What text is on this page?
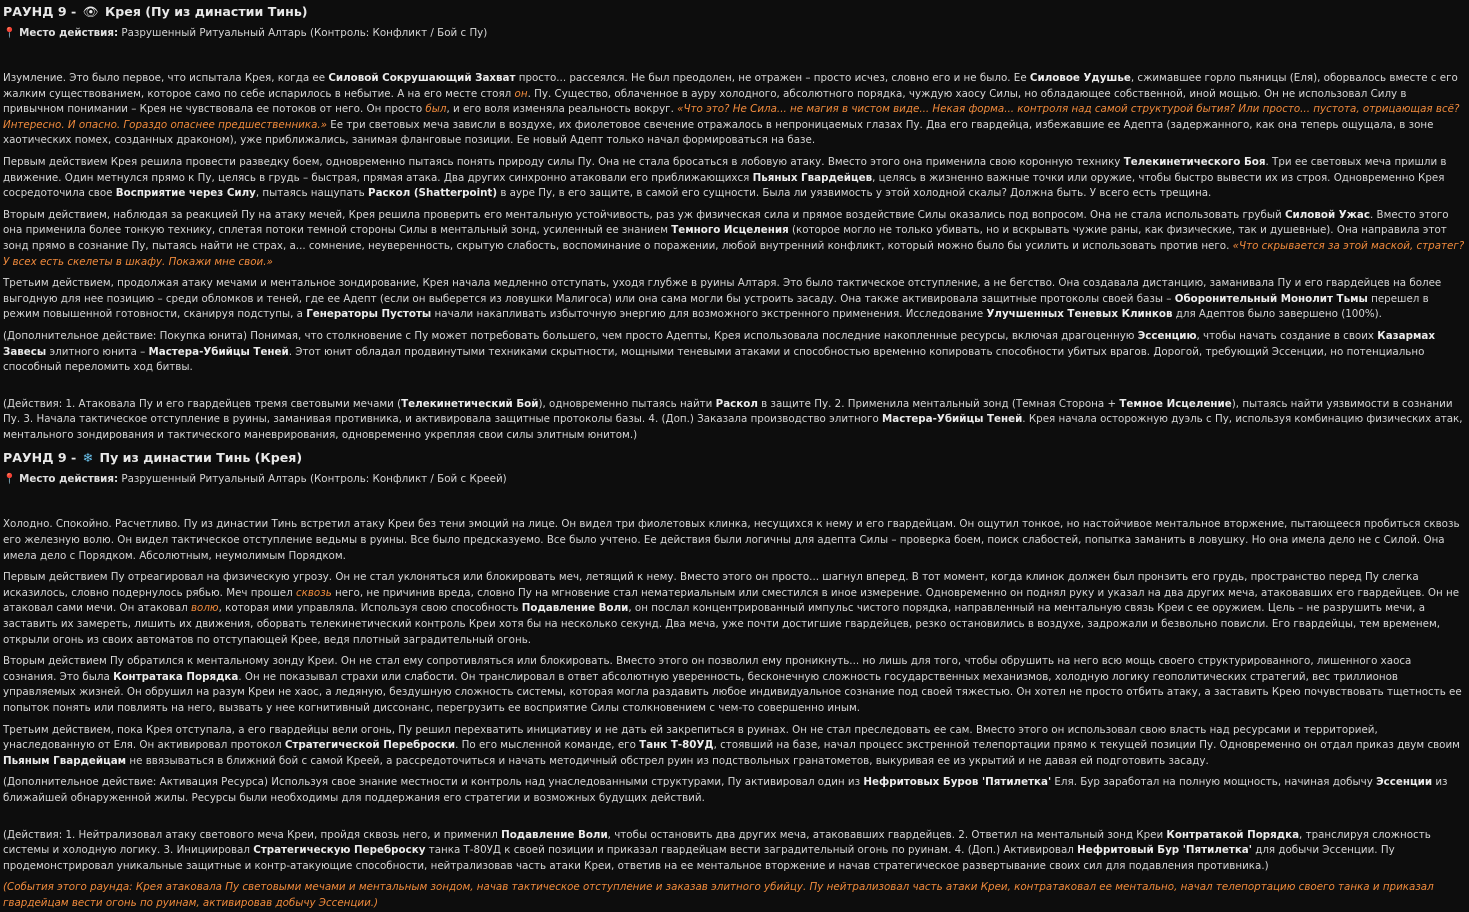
РАУНД 9 - 👁 Крея (Пу из династии Тинь)
📍 Место действия: Разрушенный Ритуальный Алтарь (Контроль: Конфликт / Бой с Пу)

Изумление. Это было первое, что испытала Крея, когда ее Силовой Сокрушающий Захват просто... рассеялся. Не был преодолен, не отражен – просто исчез, словно его и не было. Ее Силовое Удушье, сжимавшее горло пьяницы (Еля), оборвалось вместе с его жалким существованием, которое само по себе испарилось в небытие. А на его месте стоял он. Пу. Существо, облаченное в ауру холодного, абсолютного порядка, чуждую хаосу Силы, но обладающее собственной, иной мощью. Он не использовал Силу в привычном понимании – Крея не чувствовала ее потоков от него. Он просто был, и его воля изменяла реальность вокруг. «Что это? Не Сила... не магия в чистом виде... Некая форма... контроля над самой структурой бытия? Или просто... пустота, отрицающая всё? Интересно. И опасно. Гораздо опаснее предшественника.» Ее три световых меча зависли в воздухе, их фиолетовое свечение отражалось в непроницаемых глазах Пу. Два его гвардейца, избежавшие ее Адепта (задержанного, как она теперь ощущала, в зоне хаотических помех, созданных драконом), уже приближались, занимая фланговые позиции. Ее новый Адепт только начал формироваться на базе.

Первым действием Крея решила провести разведку боем, одновременно пытаясь понять природу силы Пу. Она не стала бросаться в лобовую атаку. Вместо этого она применила свою коронную технику Телекинетического Боя. Три ее световых меча пришли в движение. Один метнулся прямо к Пу, целясь в грудь – быстрая, прямая атака. Два других синхронно атаковали его приближающихся Пьяных Гвардейцев, целясь в жизненно важные точки или оружие, чтобы быстро вывести их из строя. Одновременно Крея сосредоточила свое Восприятие через Силу, пытаясь нащупать Раскол (Shatterpoint) в ауре Пу, в его защите, в самой его сущности. Была ли уязвимость у этой холодной скалы? Должна быть. У всего есть трещина.

Вторым действием, наблюдая за реакцией Пу на атаку мечей, Крея решила проверить его ментальную устойчивость, раз уж физическая сила и прямое воздействие Силы оказались под вопросом. Она не стала использовать грубый Силовой Ужас. Вместо этого она применила более тонкую технику, сплетая потоки темной стороны Силы в ментальный зонд, усиленный ее знанием Темного Исцеления (которое могло не только убивать, но и вскрывать чужие раны, как физические, так и душевные). Она направила этот зонд прямо в сознание Пу, пытаясь найти не страх, а... сомнение, неуверенность, скрытую слабость, воспоминание о поражении, любой внутренний конфликт, который можно было бы усилить и использовать против него. «Что скрывается за этой маской, стратег? У всех есть скелеты в шкафу. Покажи мне свои.»

Третьим действием, продолжая атаку мечами и ментальное зондирование, Крея начала медленно отступать, уходя глубже в руины Алтаря. Это было тактическое отступление, а не бегство. Она создавала дистанцию, заманивала Пу и его гвардейцев на более выгодную для нее позицию – среди обломков и теней, где ее Адепт (если он выберется из ловушки Малигоса) или она сама могли бы устроить засаду. Она также активировала защитные протоколы своей базы – Оборонительный Монолит Тьмы перешел в режим повышенной готовности, сканируя подступы, а Генераторы Пустоты начали накапливать избыточную энергию для возможного экстренного применения. Исследование Улучшенных Теневых Клинков для Адептов было завершено (100%).

(Дополнительное действие: Покупка юнита) Понимая, что столкновение с Пу может потребовать большего, чем просто Адепты, Крея использовала последние накопленные ресурсы, включая драгоценную Эссенцию, чтобы начать создание в своих Казармах Завесы элитного юнита – Мастера-Убийцы Теней. Этот юнит обладал продвинутыми техниками скрытности, мощными теневыми атаками и способностью временно копировать способности убитых врагов. Дорогой, требующий Эссенции, но потенциально способный переломить ход битвы.

(Действия: 1. Атаковала Пу и его гвардейцев тремя световыми мечами (Телекинетический Бой), одновременно пытаясь найти Раскол в защите Пу. 2. Применила ментальный зонд (Темная Сторона + Темное Исцеление), пытаясь найти уязвимости в сознании Пу. 3. Начала тактическое отступление в руины, заманивая противника, и активировала защитные протоколы базы. 4. (Доп.) Заказала производство элитного Мастера-Убийцы Теней. Крея начала осторожную дуэль с Пу, используя комбинацию физических атак, ментального зондирования и тактического маневрирования, одновременно укрепляя свои силы элитным юнитом.)

РАУНД 9 - ❄ Пу из династии Тинь (Крея)
📍 Место действия: Разрушенный Ритуальный Алтарь (Контроль: Конфликт / Бой с Креей)

Холодно. Спокойно. Расчетливо. Пу из династии Тинь встретил атаку Креи без тени эмоций на лице. Он видел три фиолетовых клинка, несущихся к нему и его гвардейцам. Он ощутил тонкое, но настойчивое ментальное вторжение, пытающееся пробиться сквозь его железную волю. Он видел тактическое отступление ведьмы в руины. Все было предсказуемо. Все было учтено. Ее действия были логичны для адепта Силы – проверка боем, поиск слабостей, попытка заманить в ловушку. Но она имела дело не с Силой. Она имела дело с Порядком. Абсолютным, неумолимым Порядком.

Первым действием Пу отреагировал на физическую угрозу. Он не стал уклоняться или блокировать меч, летящий к нему. Вместо этого он просто... шагнул вперед. В тот момент, когда клинок должен был пронзить его грудь, пространство перед Пу слегка исказилось, словно подернулось рябью. Меч прошел сквозь него, не причинив вреда, словно Пу на мгновение стал нематериальным или сместился в иное измерение. Одновременно он поднял руку и указал на два других меча, атаковавших его гвардейцев. Он не атаковал сами мечи. Он атаковал волю, которая ими управляла. Используя свою способность Подавление Воли, он послал концентрированный импульс чистого порядка, направленный на ментальную связь Креи с ее оружием. Цель – не разрушить мечи, а заставить их замереть, лишить их движения, оборвать телекинетический контроль Креи хотя бы на несколько секунд. Два меча, уже почти достигшие гвардейцев, резко остановились в воздухе, задрожали и безвольно повисли. Его гвардейцы, тем временем, открыли огонь из своих автоматов по отступающей Крее, ведя плотный заградительный огонь.

Вторым действием Пу обратился к ментальному зонду Креи. Он не стал ему сопротивляться или блокировать. Вместо этого он позволил ему проникнуть... но лишь для того, чтобы обрушить на него всю мощь своего структурированного, лишенного хаоса сознания. Это была Контратака Порядка. Он не показывал страхи или слабости. Он транслировал в ответ абсолютную уверенность, бесконечную сложность государственных механизмов, холодную логику геополитических стратегий, вес триллионов управляемых жизней. Он обрушил на разум Креи не хаос, а ледяную, бездушную сложность системы, которая могла раздавить любое индивидуальное сознание под своей тяжестью. Он хотел не просто отбить атаку, а заставить Крею почувствовать тщетность ее попыток понять или повлиять на него, вызвать у нее когнитивный диссонанс, перегрузить ее восприятие Силы столкновением с чем-то совершенно иным.

Третьим действием, пока Крея отступала, а его гвардейцы вели огонь, Пу решил перехватить инициативу и не дать ей закрепиться в руинах. Он не стал преследовать ее сам. Вместо этого он использовал свою власть над ресурсами и территорией, унаследованную от Еля. Он активировал протокол Стратегической Переброски. По его мысленной команде, его Танк Т-80УД, стоявший на базе, начал процесс экстренной телепортации прямо к текущей позиции Пу. Одновременно он отдал приказ двум своим Пьяным Гвардейцам не ввязываться в ближний бой с самой Креей, а рассредоточиться и начать методичный обстрел руин из подствольных гранатометов, выкуривая ее из укрытий и не давая ей подготовить засаду.

(Дополнительное действие: Активация Ресурса) Используя свое знание местности и контроль над унаследованными структурами, Пу активировал один из Нефритовых Буров 'Пятилетка' Еля. Бур заработал на полную мощность, начиная добычу Эссенции из ближайшей обнаруженной жилы. Ресурсы были необходимы для поддержания его стратегии и возможных будущих действий.

(Действия: 1. Нейтрализовал атаку светового меча Креи, пройдя сквозь него, и применил Подавление Воли, чтобы остановить два других меча, атаковавших гвардейцев. 2. Ответил на ментальный зонд Креи Контратакой Порядка, транслируя сложность системы и холодную логику. 3. Инициировал Стратегическую Переброску танка Т-80УД к своей позиции и приказал гвардейцам вести заградительный огонь по руинам. 4. (Доп.) Активировал Нефритовый Бур 'Пятилетка' для добычи Эссенции. Пу продемонстрировал уникальные защитные и контр-атакующие способности, нейтрализовав часть атаки Креи, ответив на ее ментальное вторжение и начав стратегическое развертывание своих сил для подавления противника.)

(События этого раунда: Крея атаковала Пу световыми мечами и ментальным зондом, начав тактическое отступление и заказав элитного убийцу. Пу нейтрализовал часть атаки Креи, контратаковал ее ментально, начал телепортацию своего танка и приказал гвардейцам вести огонь по руинам, активировав добычу Эссенции.)
